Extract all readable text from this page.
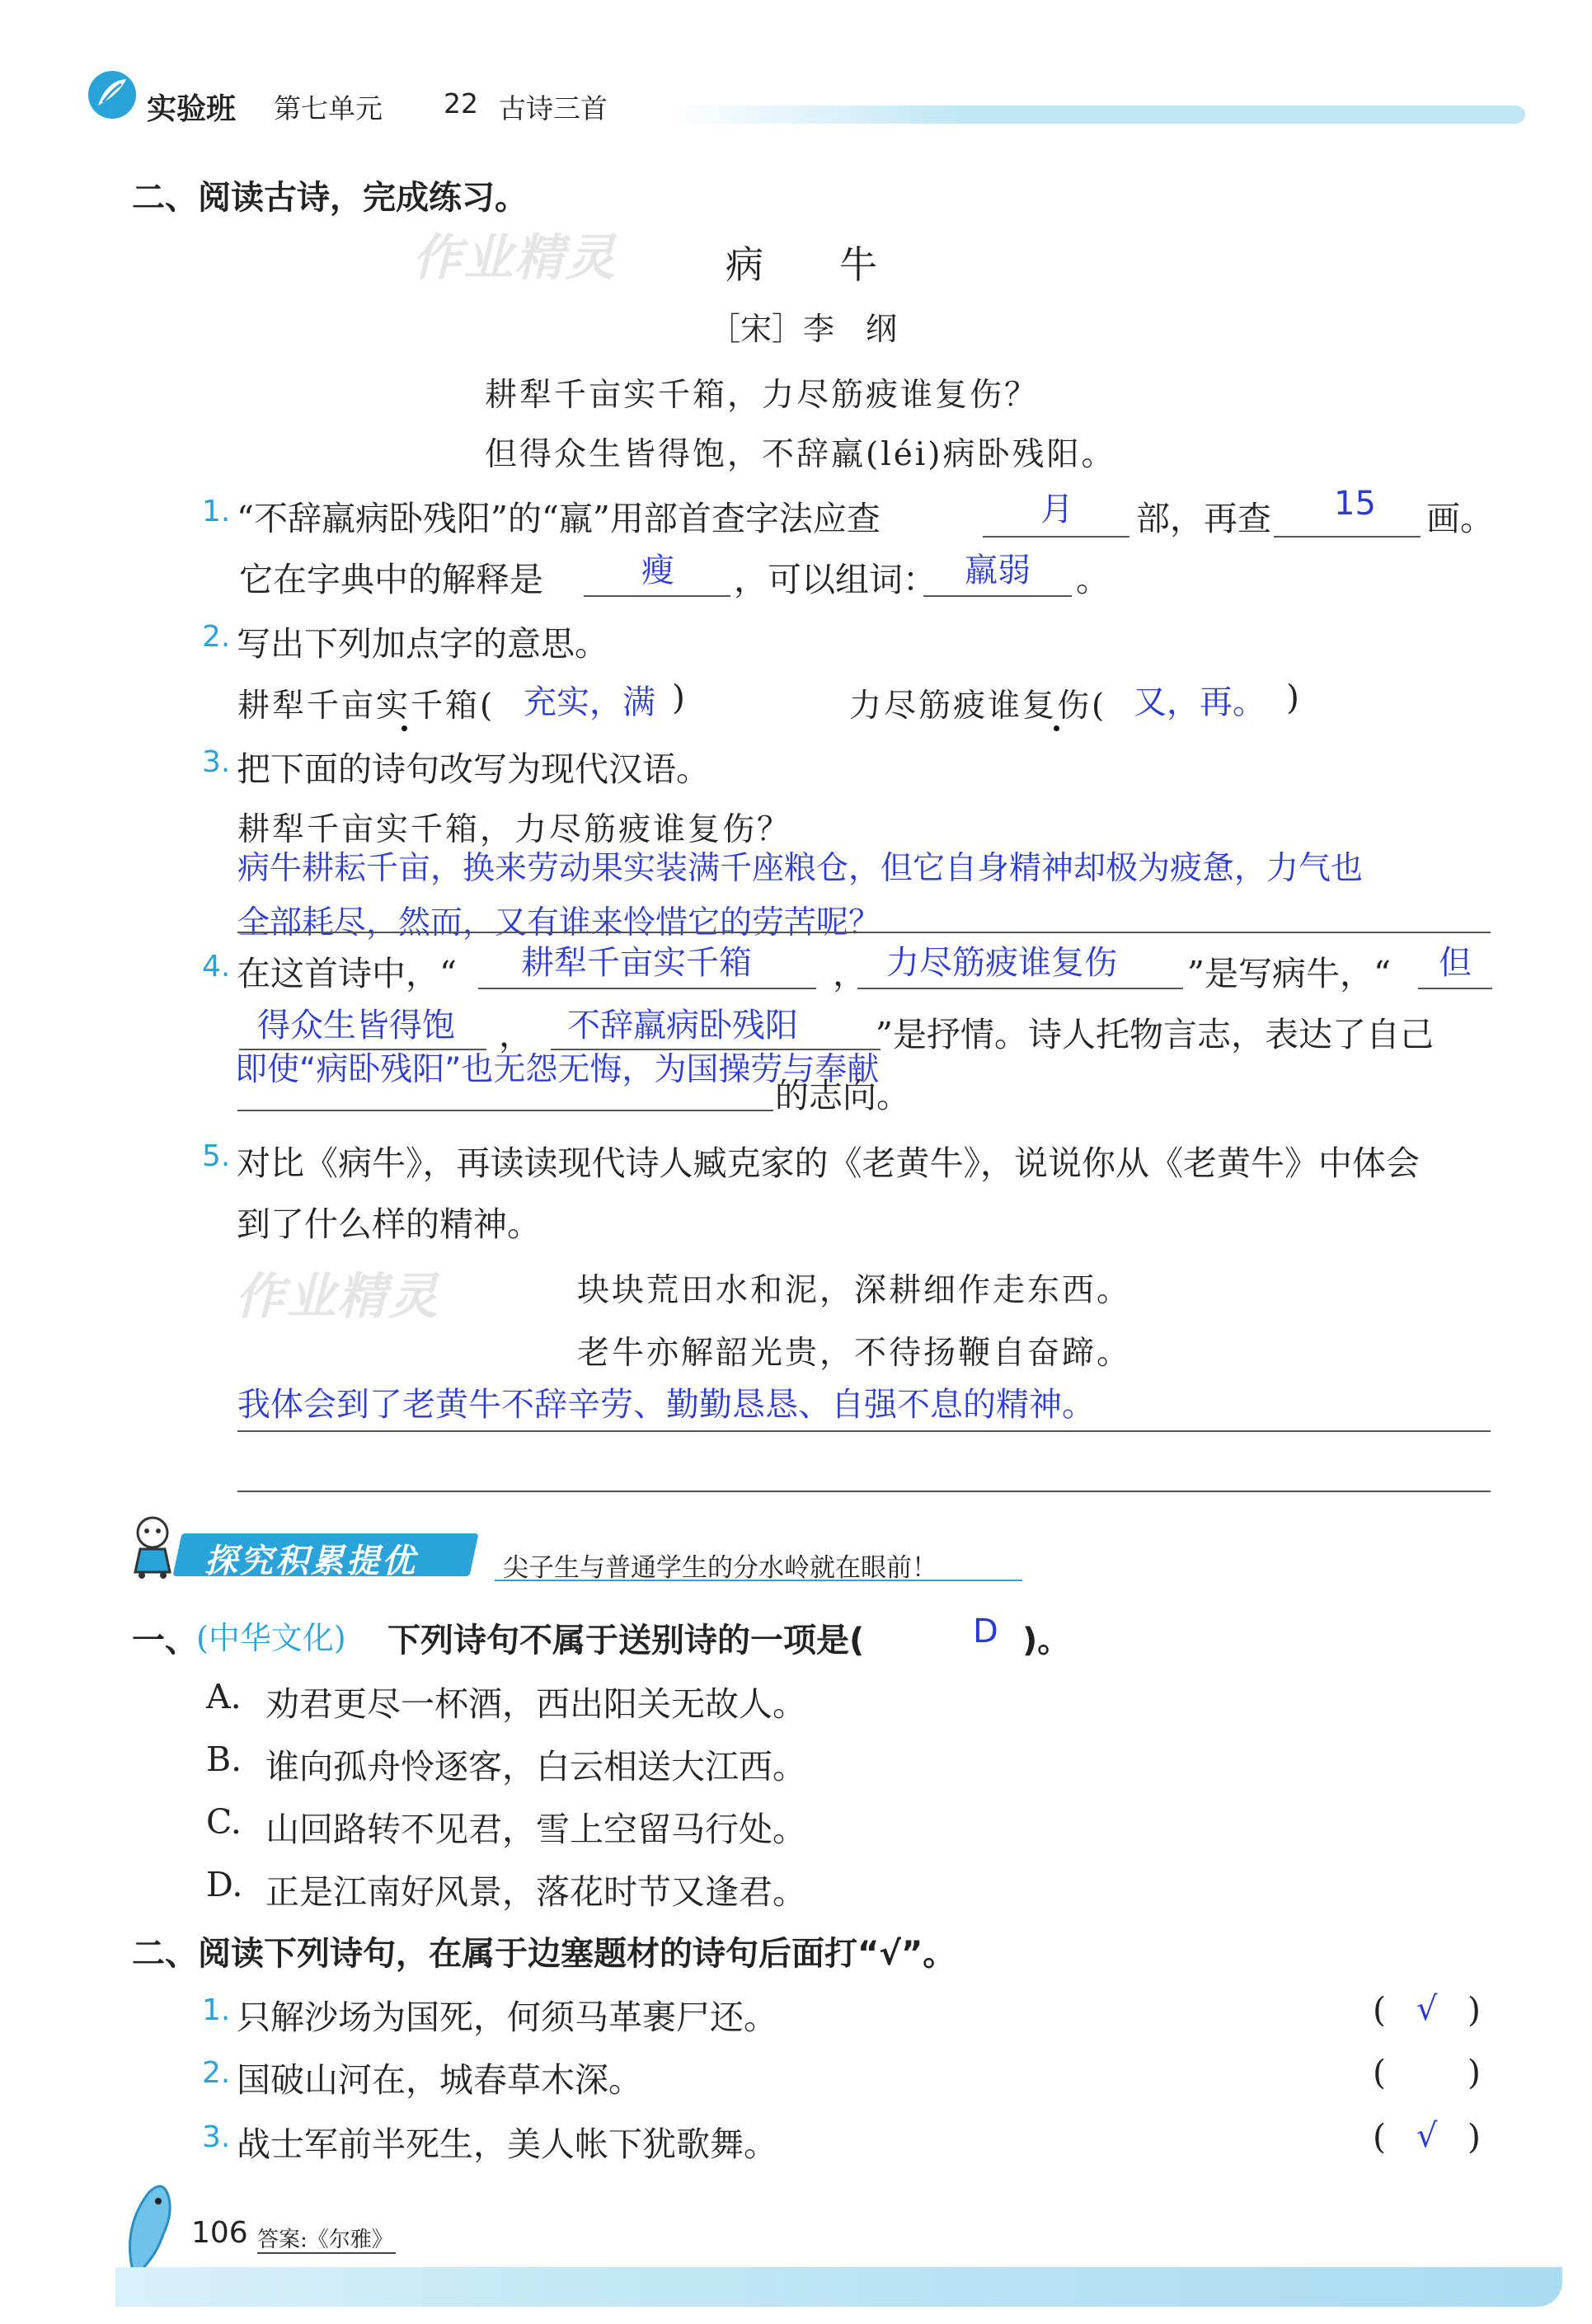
实验班 第七单元 22 古诗三首
作业精灵
作业精灵
二、阅读古诗，完成练习。
病　　牛
［宋］李　纲
耕犁千亩实千箱，力尽筋疲谁复伤？
但得众生皆得饱，不辞羸(léi)病卧残阳。
1. “不辞羸病卧残阳”的“羸”用部首查字法应查	月 部，再查 15 画。
它在字典中的解释是	瘦 ，可以组词： 羸弱 。
2. 写出下列加点字的意思。
耕犁千亩实千箱( 充实，满 )	力尽筋疲谁复伤( 又，再。 )
3. 把下面的诗句改写为现代汉语。
耕犁千亩实千箱，力尽筋疲谁复伤？
病牛耕耘千亩，换来劳动果实装满千座粮仓，但它自身精神却极为疲惫，力气也
全部耗尽，然而，又有谁来怜惜它的劳苦呢？
4. 在这首诗中，“ 耕犁千亩实千箱 ， 力尽筋疲谁复伤 ”是写病牛，“ 但
得众生皆得饱 ， 不辞羸病卧残阳 ”是抒情。诗人托物言志，表达了自己
即使“病卧残阳”也无怨无悔，为国操劳与奉献
的志向。
5. 对比《病牛》，再读读现代诗人臧克家的《老黄牛》，说说你从《老黄牛》中体会
到了什么样的精神。
块块荒田水和泥，深耕细作走东西。
老牛亦解韶光贵，不待扬鞭自奋蹄。
我体会到了老黄牛不辞辛劳、勤勤恳恳、自强不息的精神。
探究积累提优	尖子生与普通学生的分水岭就在眼前！
一、
(中华文化) 下列诗句不属于送别诗的一项是(	D )。
A. 劝君更尽一杯酒，西出阳关无故人。
B. 谁向孤舟怜逐客，白云相送大江西。
C. 山回路转不见君，雪上空留马行处。
D. 正是江南好风景，落花时节又逢君。
二、阅读下列诗句，在属于边塞题材的诗句后面打“√”。
1. 只解沙场为国死，何须马革裹尸还。	( √ )
2. 国破山河在，城春草木深。	( )
3. 战士军前半死生，美人帐下犹歌舞。	( √ )
106 答案:《尔雅》
